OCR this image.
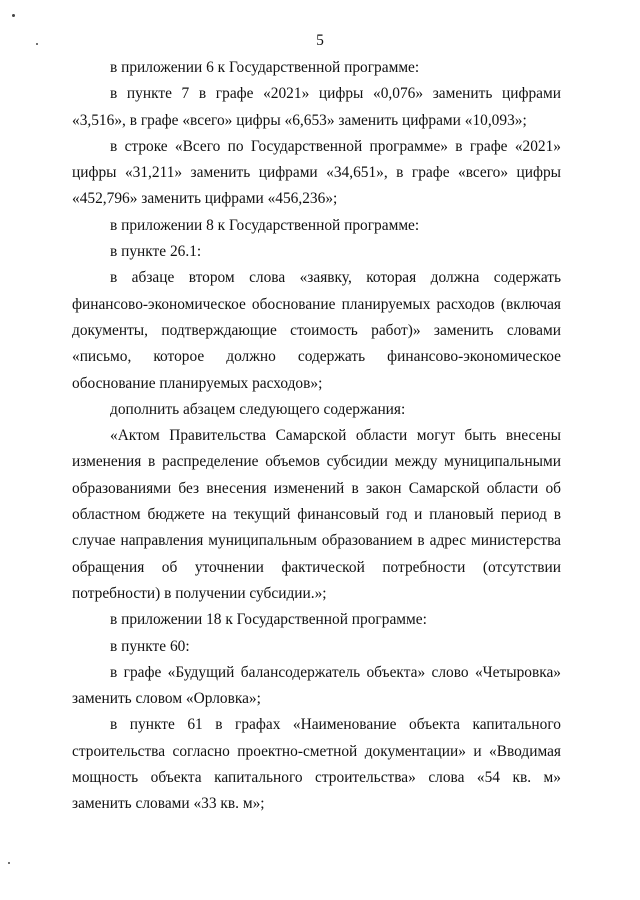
5

в приложении 6 к Государственной программе:

в пункте 7 в графе «2021» цифры «0,076» заменить цифрами «3,516», в графе «всего» цифры «6,653» заменить цифрами «10,093»;

в строке «Всего по Государственной программе» в графе «2021» цифры «31,211» заменить цифрами «34,651», в графе «всего» цифры «452,796» заменить цифрами «456,236»;

в приложении 8 к Государственной программе:

в пункте 26.1:

в абзаце втором слова «заявку, которая должна содержать финансово-экономическое обоснование планируемых расходов (включая документы, подтверждающие стоимость работ)» заменить словами «письмо, которое должно содержать финансово-экономическое обоснование планируемых расходов»;

дополнить абзацем следующего содержания:

«Актом Правительства Самарской области могут быть внесены изменения в распределение объемов субсидии между муниципальными образованиями без внесения изменений в закон Самарской области об областном бюджете на текущий финансовый год и плановый период в случае направления муниципальным образованием в адрес министерства обращения об уточнении фактической потребности (отсутствии потребности) в получении субсидии.»;

в приложении 18 к Государственной программе:

в пункте 60:

в графе «Будущий балансодержатель объекта» слово «Четыровка» заменить словом «Орловка»;

в пункте 61 в графах «Наименование объекта капитального строительства согласно проектно-сметной документации» и «Вводимая мощность объекта капитального строительства» слова «54 кв. м» заменить словами «33 кв. м»;
